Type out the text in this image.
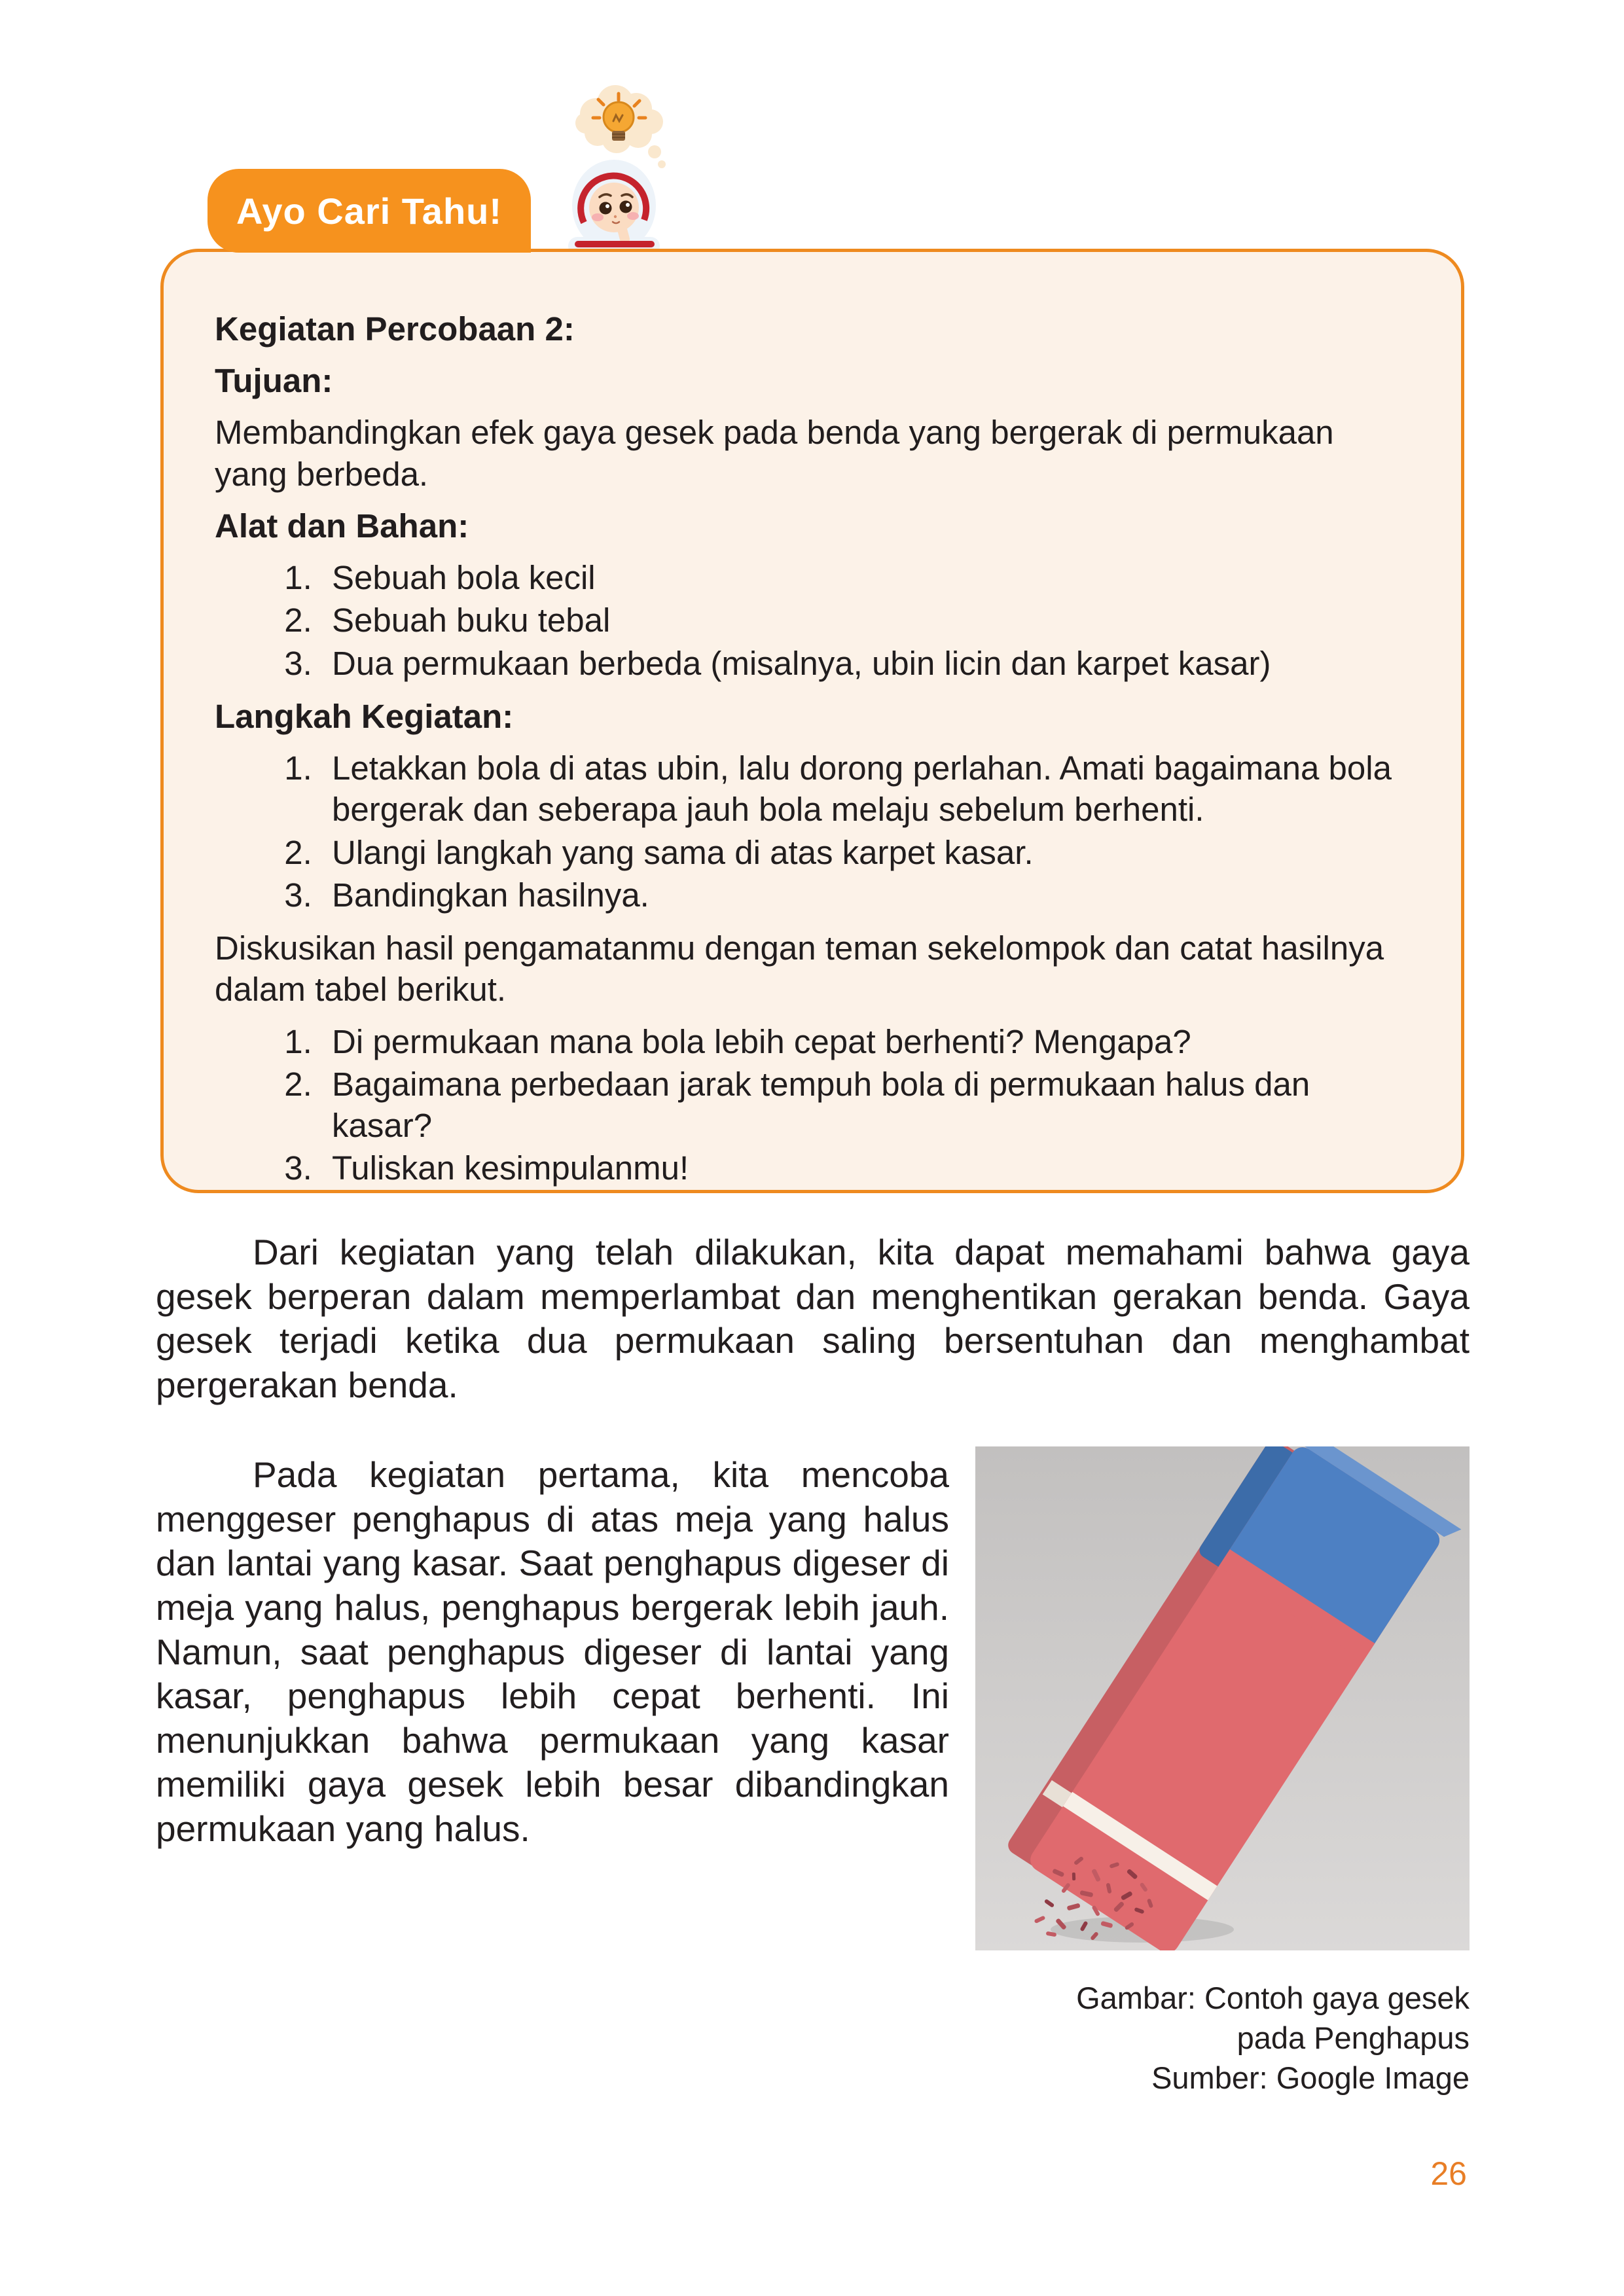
Ayo Cari Tahu!

Kegiatan Percobaan 2:

Tujuan:

Membandingkan efek gaya gesek pada benda yang bergerak di permukaan yang berbeda.

Alat dan Bahan:

1. Sebuah bola kecil
2. Sebuah buku tebal
3. Dua permukaan berbeda (misalnya, ubin licin dan karpet kasar)

Langkah Kegiatan:

1. Letakkan bola di atas ubin, lalu dorong perlahan. Amati bagaimana bola bergerak dan seberapa jauh bola melaju sebelum berhenti.
2. Ulangi langkah yang sama di atas karpet kasar.
3. Bandingkan hasilnya.

Diskusikan hasil pengamatanmu dengan teman sekelompok dan catat hasilnya dalam tabel berikut.

1. Di permukaan mana bola lebih cepat berhenti? Mengapa?
2. Bagaimana perbedaan jarak tempuh bola di permukaan halus dan kasar?
3. Tuliskan kesimpulanmu!

Dari kegiatan yang telah dilakukan, kita dapat memahami bahwa gaya gesek berperan dalam memperlambat dan menghentikan gerakan benda. Gaya gesek terjadi ketika dua permukaan saling bersentuhan dan menghambat pergerakan benda.

Gambar: Contoh gaya gesek
pada Penghapus
Sumber: Google Image

Pada kegiatan pertama, kita mencoba menggeser penghapus di atas meja yang halus dan lantai yang kasar. Saat penghapus digeser di meja yang halus, penghapus bergerak lebih jauh. Namun, saat penghapus digeser di lantai yang kasar, penghapus lebih cepat berhenti. Ini menunjukkan bahwa permukaan yang kasar memiliki gaya gesek lebih besar dibandingkan permukaan yang halus.

26
